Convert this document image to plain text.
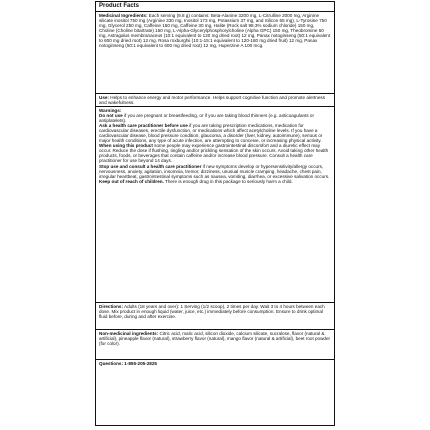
Product Facts
Medicinal Ingredients: Each serving (9.8 g) contains: Beta-Alanine 3200 mg, L-Citrulline 2000 mg, Arginine silicate inositol 750 mg (Arginine 330 mg, Inositol 173 mg, Potassium 37 mg, and Silicon 65 mg), L-Tyrosine 750 mg, Glycerol 250 mg, Caffeine 150 mg, Caffeine 30 mg, Halite (Rock salt 98.3% sodium chloride) 150 mg, Choline (Choline bitartrate) 150 mg, L-Alpha-Glycerylphosphorylcholine (Alpha GPC) 150 mg, Theobromine 50 mg, Astragalus membranaceus (10:1 equivalent to 120 mg dried root) 12 mg, Panax notoginseng (50:1 equivalent to 600 mg dried root) 12 mg, Rosa roxburghii (10:1-15:1 equivalent to 120-180 mg dried fruit) 12 mg, Panax notoginseng (50:1 equivalent to 600 mg dried root) 12 mg, Huperzine A 100 mcg.
Use: Helps to enhance energy and motor performance. Helps support cognitive function and promote alertness and wakefulness.
Warnings:
Do not use if you are pregnant or breastfeeding, or if you are taking blood thinners (e.g. anticoagulants or antiplatelets).
Ask a health care practitioner before use if you are taking prescription medications, medication for cardiovascular diseases, erectile dysfunction, or medications which affect acetylcholine levels. If you have a cardiovascular disease, blood pressure condition, glaucoma, a disorder (liver, kidney, autoimmune), serious or major health conditions, any type of acute infection, are attempting to conceive, or increasing physical activity.
When using this product some people may experience gastrointestinal discomfort and a diuretic effect may occur. Reduce the dose if flushing, tingling and/or prickling sensation of the skin occurs. Avoid taking other health products, foods, or beverages that contain caffeine and/or increase blood pressure. Consult a health care practitioner for use beyond 14 days.
Stop use and consult a health care practitioner if new symptoms develop or hypersensitivity/allergy occurs, nervousness, anxiety, agitation, insomnia, tremor, dizziness, unusual muscle cramping, headache, chest pain, irregular heartbeat, gastrointestinal symptoms such as nausea, vomiting, diarrhea, or excessive salivation occurs.
Keep out of reach of children. There is enough drug in this package to seriously harm a child.
Directions: Adults (18 years and over): 1 Serving (1/2 scoop), 2 times per day. Wait 3 to 4 hours between each dose. Mix product in enough liquid (water, juice, etc.) immediately before consumption. Ensure to drink optimal fluid before, during and after exercise.
Non-medicinal ingredients: Citric acid, malic acid, silicon dioxide, calcium silicate, sucralose, flavor (natural & artificial), pineapple flavor (natural), strawberry flavor (natural), mango flavor (natural & artificial), beet root powder (for color).
Questions: 1-855-205-2825
